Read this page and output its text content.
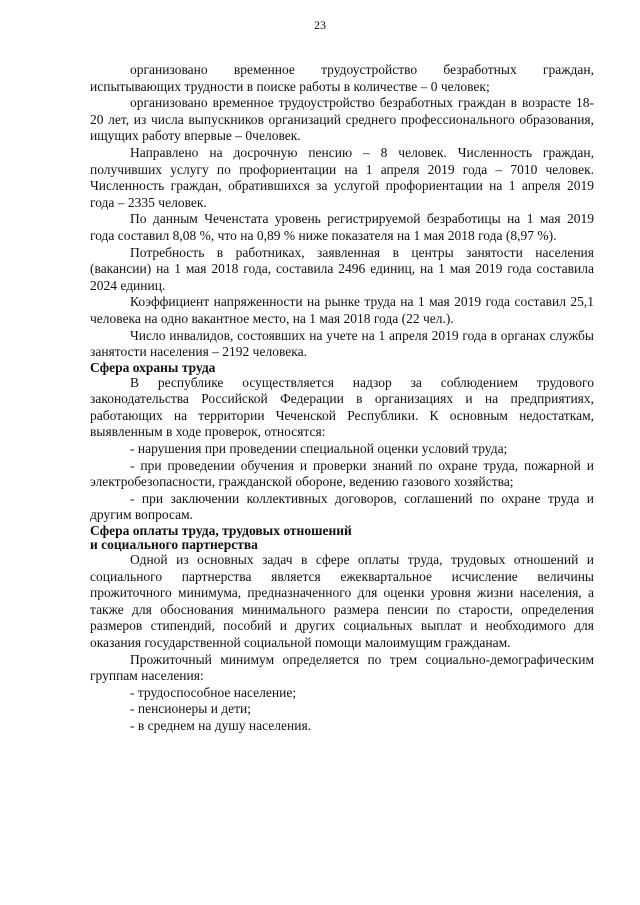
23

организовано временное трудоустройство безработных граждан, испытывающих трудности в поиске работы в количестве – 0 человек;

организовано временное трудоустройство безработных граждан в возрасте 18-20 лет, из числа выпускников организаций среднего профессионального образования, ищущих работу впервые – 0человек.

Направлено на досрочную пенсию – 8 человек. Численность граждан, получивших услугу по профориентации на 1 апреля 2019 года – 7010 человек. Численность граждан, обратившихся за услугой профориентации на 1 апреля 2019 года – 2335 человек.

По данным Чеченстата уровень регистрируемой безработицы на 1 мая 2019 года составил 8,08 %, что на 0,89 % ниже показателя на 1 мая 2018 года (8,97 %).

Потребность в работниках, заявленная в центры занятости населения (вакансии) на 1 мая 2018 года, составила 2496 единиц, на 1 мая 2019 года составила 2024 единиц.

Коэффициент напряженности на рынке труда на 1 мая 2019 года составил 25,1 человека на одно вакантное место, на 1 мая 2018 года (22 чел.).

Число инвалидов, состоявших на учете на 1 апреля 2019 года в органах службы занятости населения – 2192 человека.

Сфера охраны труда

В республике осуществляется надзор за соблюдением трудового законодательства Российской Федерации в организациях и на предприятиях, работающих на территории Чеченской Республики. К основным недостаткам, выявленным в ходе проверок, относятся:

- нарушения при проведении специальной оценки условий труда;

- при проведении обучения и проверки знаний по охране труда, пожарной и электробезопасности, гражданской обороне, ведению газового хозяйства;

- при заключении коллективных договоров, соглашений по охране труда и другим вопросам.

Сфера оплаты труда, трудовых отношений
и социального партнерства

Одной из основных задач в сфере оплаты труда, трудовых отношений и социального партнерства является ежеквартальное исчисление величины прожиточного минимума, предназначенного для оценки уровня жизни населения, а также для обоснования минимального размера пенсии по старости, определения размеров стипендий, пособий и других социальных выплат и необходимого для оказания государственной социальной помощи малоимущим гражданам.

Прожиточный минимум определяется по трем социально-демографическим группам населения:

- трудоспособное население;

- пенсионеры и дети;

- в среднем на душу населения.
